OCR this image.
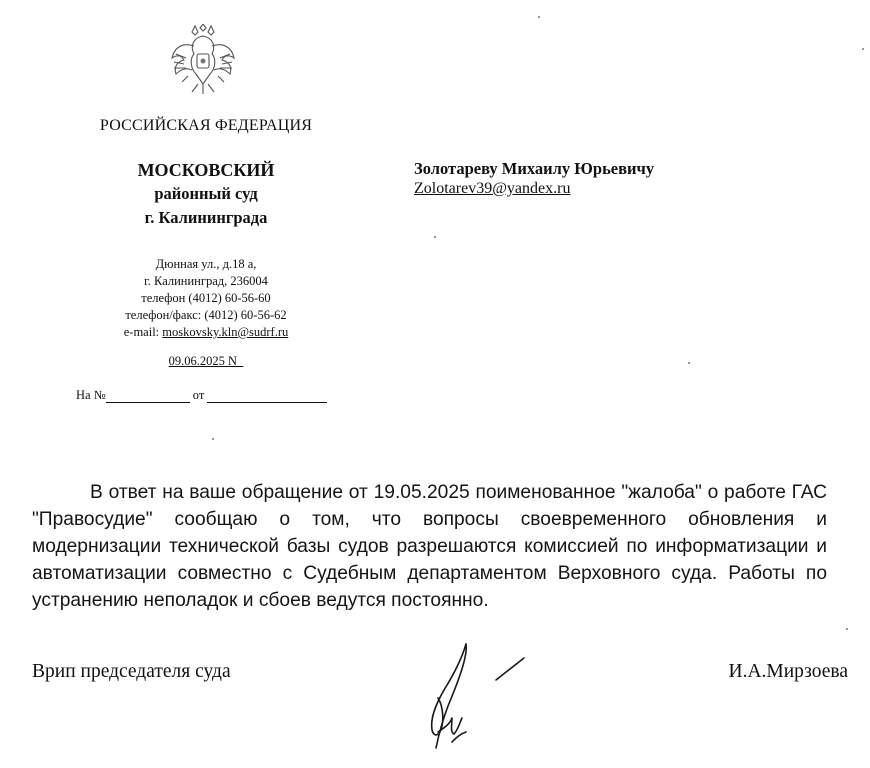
РОССИЙСКАЯ ФЕДЕРАЦИЯ
МОСКОВСКИЙ
районный суд
г. Калининграда
Дюнная ул., д.18 а,
г. Калининград, 236004
телефон (4012) 60-56-60
телефон/факс: (4012) 60-56-62
e-mail: moskovsky.kln@sudrf.ru
09.06.2025 N
На №	от
Золотареву Михаилу Юрьевичу
Zolotarev39@yandex.ru
В ответ на ваше обращение от 19.05.2025 поименованное "жалоба" о работе ГАС "Правосудие" сообщаю о том, что вопросы своевременного обновления и модернизации технической базы судов разрешаются комиссией по информатизации и автоматизации совместно с Судебным департаментом Верховного суда. Работы по устранению неполадок и сбоев ведутся постоянно.
Врип председателя суда	И.А.Мирзоева
